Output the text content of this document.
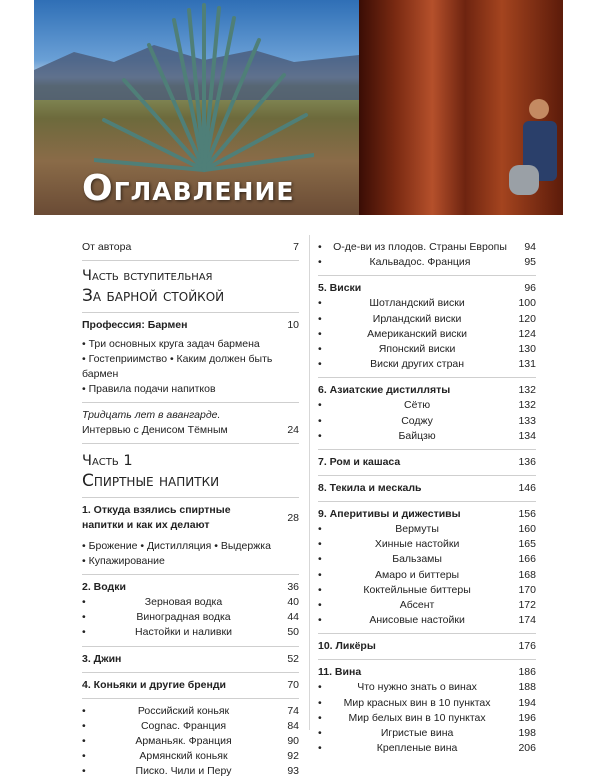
Оглавление
От автора	7
Часть вступительная
За барной стойкой
Профессия: Бармен	10
• Три основных круга задач бармена
• Гостеприимство • Каким должен быть бармен
• Правила подачи напитков
Тридцать лет в авангарде.
Интервью с Денисом Тёмным	24
Часть 1
Спиртные напитки
1. Откуда взялись спиртные
напитки и как их делают
28
• Брожение • Дистилляция • Выдержка
• Купажирование
2. Водки	36
• Зерновая водка	40
• Виноградная водка	44
• Настойки и наливки	50
3. Джин	52
4. Коньяки и другие бренди	70
• Российский коньяк	74
• Cognac. Франция	84
• Арманьяк. Франция	90
• Армянский коньяк	92
• Писко. Чили и Перу	93
• О-де-ви из плодов. Страны Европы 94
• Кальвадос. Франция	95
5. Виски	96
• Шотландский виски	100
• Ирландский виски	120
• Американский виски	124
• Японский виски	130
• Виски других стран	131
6. Азиатские дистилляты	132
• Сётю	132
• Соджу	133
• Байцзю	134
7. Ром и кашаса	136
8. Текила и мескаль	146
9. Аперитивы и дижестивы	156
• Вермуты	160
• Хинные настойки	165
• Бальзамы	166
• Амаро и биттеры	168
• Коктейльные биттеры	170
• Абсент	172
• Анисовые настойки	174
10. Ликёры	176
11. Вина	186
• Что нужно знать о винах	188
• Мир красных вин в 10 пунктах	194
• Мир белых вин в 10 пунктах	196
• Игристые вина	198
• Крепленые вина	206
